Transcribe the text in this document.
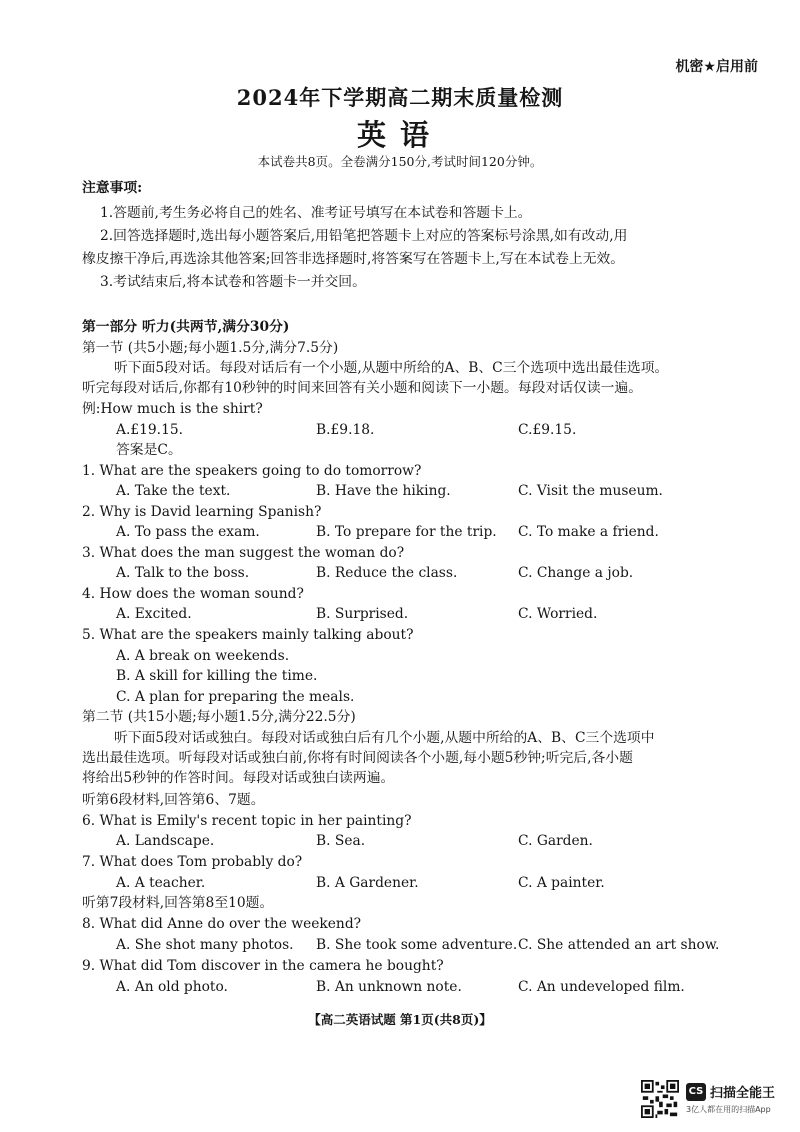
机密★启用前
2024年下学期高二期末质量检测
英语
本试卷共8页。全卷满分150分,考试时间120分钟。
注意事项:
1.答题前,考生务必将自己的姓名、准考证号填写在本试卷和答题卡上。
2.回答选择题时,选出每小题答案后,用铅笔把答题卡上对应的答案标号涂黑,如有改动,用
橡皮擦干净后,再选涂其他答案;回答非选择题时,将答案写在答题卡上,写在本试卷上无效。
3.考试结束后,将本试卷和答题卡一并交回。
第一部分 听力(共两节,满分30分)
第一节 (共5小题;每小题1.5分,满分7.5分)
听下面5段对话。每段对话后有一个小题,从题中所给的A、B、C三个选项中选出最佳选项。
听完每段对话后,你都有10秒钟的时间来回答有关小题和阅读下一小题。每段对话仅读一遍。
例:How much is the shirt?
A.£19.15.	B.£9.18.	C.£9.15.
答案是C。
1. What are the speakers going to do tomorrow?
A. Take the text.	B. Have the hiking.	C. Visit the museum.
2. Why is David learning Spanish?
A. To pass the exam.	B. To prepare for the trip. C. To make a friend.
3. What does the man suggest the woman do?
A. Talk to the boss.	B. Reduce the class.	C. Change a job.
4. How does the woman sound?
A. Excited.	B. Surprised.	C. Worried.
5. What are the speakers mainly talking about?
A. A break on weekends.
B. A skill for killing the time.
C. A plan for preparing the meals.
第二节 (共15小题;每小题1.5分,满分22.5分)
听下面5段对话或独白。每段对话或独白后有几个小题,从题中所给的A、B、C三个选项中
选出最佳选项。听每段对话或独白前,你将有时间阅读各个小题,每小题5秒钟;听完后,各小题
将给出5秒钟的作答时间。每段对话或独白读两遍。
听第6段材料,回答第6、7题。
6. What is Emily's recent topic in her painting?
A. Landscape.	B. Sea.	C. Garden.
7. What does Tom probably do?
A. A teacher.	B. A Gardener.	C. A painter.
听第7段材料,回答第8至10题。
8. What did Anne do over the weekend?
A. She shot many photos. B. She took some adventure. C. She attended an art show.
9. What did Tom discover in the camera he bought?
A. An old photo.	B. An unknown note.	C. An undeveloped film.
【高二英语试题 第1页(共8页)】
CS 扫描全能王
3亿人都在用的扫描App
